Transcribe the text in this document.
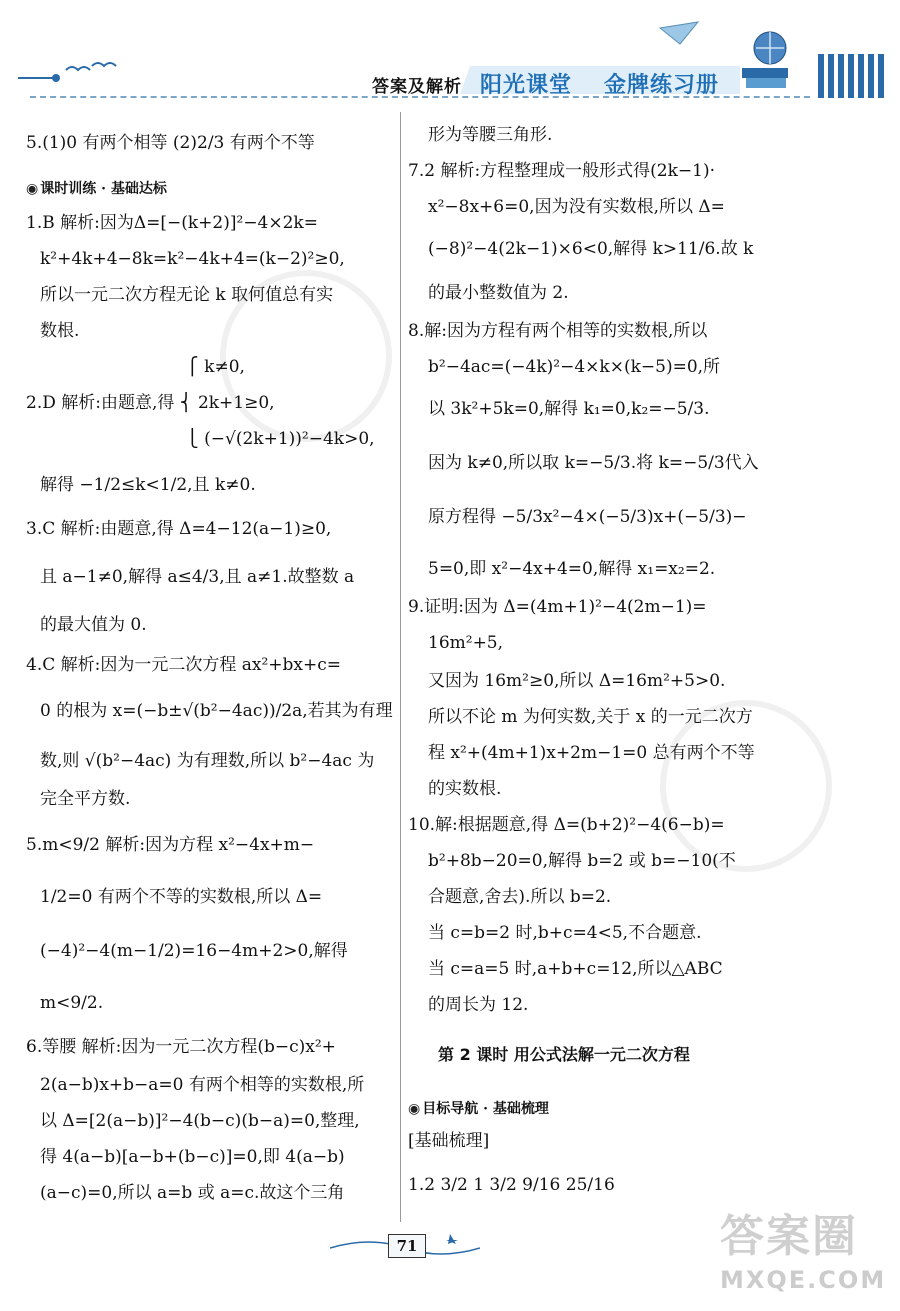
答案及解析 阳光课堂 金牌练习册
5.(1)0 有两个相等 (2)2/3 有两个不等
◉ 课时训练 · 基础达标
1.B 解析:因为Δ=[−(k+2)]²−4×2k=
k²+4k+4−8k=k²−4k+4=(k−2)²≥0,
所以一元二次方程无论 k 取何值总有实
数根.
⎧ k≠0,
2.D 解析:由题意,得 ⎨ 2k+1≥0,
⎩ (−√(2k+1))²−4k>0,
解得 −1/2≤k<1/2,且 k≠0.
3.C 解析:由题意,得 Δ=4−12(a−1)≥0,
且 a−1≠0,解得 a≤4/3,且 a≠1.故整数 a
的最大值为 0.
4.C 解析:因为一元二次方程 ax²+bx+c=
0 的根为 x=(−b±√(b²−4ac))/2a,若其为有理
数,则 √(b²−4ac) 为有理数,所以 b²−4ac 为
完全平方数.
5.m<9/2 解析:因为方程 x²−4x+m−
1/2=0 有两个不等的实数根,所以 Δ=
(−4)²−4(m−1/2)=16−4m+2>0,解得
m<9/2.
6.等腰 解析:因为一元二次方程(b−c)x²+
2(a−b)x+b−a=0 有两个相等的实数根,所
以 Δ=[2(a−b)]²−4(b−c)(b−a)=0,整理,
得 4(a−b)[a−b+(b−c)]=0,即 4(a−b)
(a−c)=0,所以 a=b 或 a=c.故这个三角
形为等腰三角形.
7.2 解析:方程整理成一般形式得(2k−1)·
x²−8x+6=0,因为没有实数根,所以 Δ=
(−8)²−4(2k−1)×6<0,解得 k>11/6.故 k
的最小整数值为 2.
8.解:因为方程有两个相等的实数根,所以
b²−4ac=(−4k)²−4×k×(k−5)=0,所
以 3k²+5k=0,解得 k₁=0,k₂=−5/3.
因为 k≠0,所以取 k=−5/3.将 k=−5/3代入
原方程得 −5/3x²−4×(−5/3)x+(−5/3)−
5=0,即 x²−4x+4=0,解得 x₁=x₂=2.
9.证明:因为 Δ=(4m+1)²−4(2m−1)=
16m²+5,
又因为 16m²≥0,所以 Δ=16m²+5>0.
所以不论 m 为何实数,关于 x 的一元二次方
程 x²+(4m+1)x+2m−1=0 总有两个不等
的实数根.
10.解:根据题意,得 Δ=(b+2)²−4(6−b)=
b²+8b−20=0,解得 b=2 或 b=−10(不
合题意,舍去).所以 b=2.
当 c=b=2 时,b+c=4<5,不合题意.
当 c=a=5 时,a+b+c=12,所以△ABC
的周长为 12.
第 2 课时 用公式法解一元二次方程
◉ 目标导航 · 基础梳理
[基础梳理]
1.2 3/2 1 3/2 9/16 25/16
71	答案圈
MXQE.COM
